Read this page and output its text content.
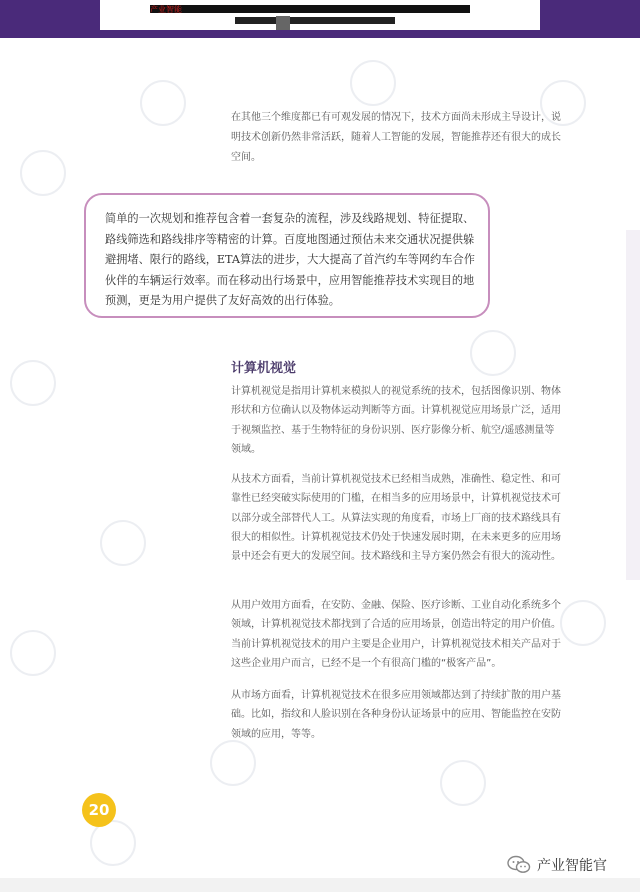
产业智能

在其他三个维度都已有可观发展的情况下，技术方面尚未形成主导设计，说明技术创新仍然非常活跃，随着人工智能的发展，智能推荐还有很大的成长空间。

简单的一次规划和推荐包含着一套复杂的流程，涉及线路规划、特征提取、路线筛选和路线排序等精密的计算。百度地图通过预估未来交通状况提供躲避拥堵、限行的路线，ETA算法的进步，大大提高了首汽约车等网约车合作伙伴的车辆运行效率。而在移动出行场景中，应用智能推荐技术实现目的地预测，更是为用户提供了友好高效的出行体验。

计算机视觉

计算机视觉是指用计算机来模拟人的视觉系统的技术，包括图像识别、物体形状和方位确认以及物体运动判断等方面。计算机视觉应用场景广泛，适用于视频监控、基于生物特征的身份识别、医疗影像分析、航空/遥感测量等领域。

从技术方面看，当前计算机视觉技术已经相当成熟，准确性、稳定性、和可靠性已经突破实际使用的门槛，在相当多的应用场景中，计算机视觉技术可以部分或全部替代人工。从算法实现的角度看，市场上厂商的技术路线具有很大的相似性。计算机视觉技术仍处于快速发展时期，在未来更多的应用场景中还会有更大的发展空间。技术路线和主导方案仍然会有很大的流动性。

从用户效用方面看，在安防、金融、保险、医疗诊断、工业自动化系统多个领域，计算机视觉技术都找到了合适的应用场景，创造出特定的用户价值。当前计算机视觉技术的用户主要是企业用户，计算机视觉技术相关产品对于这些企业用户而言，已经不是一个有很高门槛的“极客产品”。

从市场方面看，计算机视觉技术在很多应用领域都达到了持续扩散的用户基础。比如，指纹和人脸识别在各种身份认证场景中的应用、智能监控在安防领域的应用，等等。

20
产业智能官
